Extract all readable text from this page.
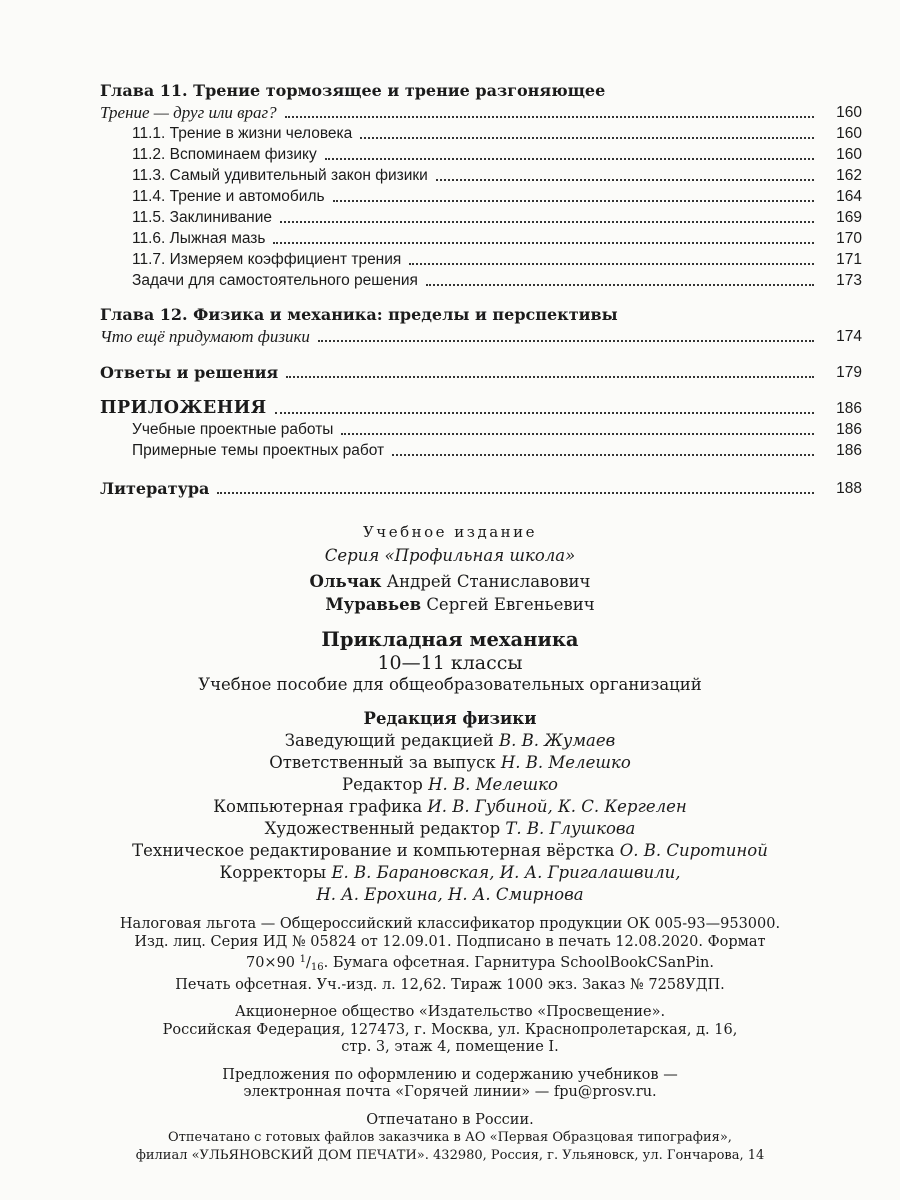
Глава 11. Трение тормозящее и трение разгоняющее
Трение — друг или враг?	160
11.1. Трение в жизни человека	160
11.2. Вспоминаем физику	160
11.3. Самый удивительный закон физики	162
11.4. Трение и автомобиль	164
11.5. Заклинивание	169
11.6. Лыжная мазь	170
11.7. Измеряем коэффициент трения	171
Задачи для самостоятельного решения	173
Глава 12. Физика и механика: пределы и перспективы
Что ещё придумают физики	174
Ответы и решения	179
ПРИЛОЖЕНИЯ	186
Учебные проектные работы	186
Примерные темы проектных работ	186
Литература	188
Учебное издание
Серия «Профильная школа»
Ольчак Андрей Станиславович
Муравьев Сергей Евгеньевич
Прикладная механика
10—11 классы
Учебное пособие для общеобразовательных организаций
Редакция физики
Заведующий редакцией В. В. Жумаев
Ответственный за выпуск Н. В. Мелешко
Редактор Н. В. Мелешко
Компьютерная графика И. В. Губиной, К. С. Кергелен
Художественный редактор Т. В. Глушкова
Техническое редактирование и компьютерная вёрстка О. В. Сиротиной
Корректоры Е. В. Барановская, И. А. Григалашвили,
Н. А. Ерохина, Н. А. Смирнова
Налоговая льгота — Общероссийский классификатор продукции ОК 005-93—953000.
Изд. лиц. Серия ИД № 05824 от 12.09.01. Подписано в печать 12.08.2020. Формат
70×90 $^1/_{16}$. Бумага офсетная. Гарнитура SchoolBookCSanPin.
Печать офсетная. Уч.-изд. л. 12,62. Тираж 1000 экз. Заказ № 7258УДП.
Акционерное общество «Издательство «Просвещение».
Российская Федерация, 127473, г. Москва, ул. Краснопролетарская, д. 16,
стр. 3, этаж 4, помещение I.
Предложения по оформлению и содержанию учебников —
электронная почта «Горячей линии» — fpu@prosv.ru.
Отпечатано в России.
Отпечатано с готовых файлов заказчика в АО «Первая Образцовая типография»,
филиал «УЛЬЯНОВСКИЙ ДОМ ПЕЧАТИ». 432980, Россия, г. Ульяновск, ул. Гончарова, 14
